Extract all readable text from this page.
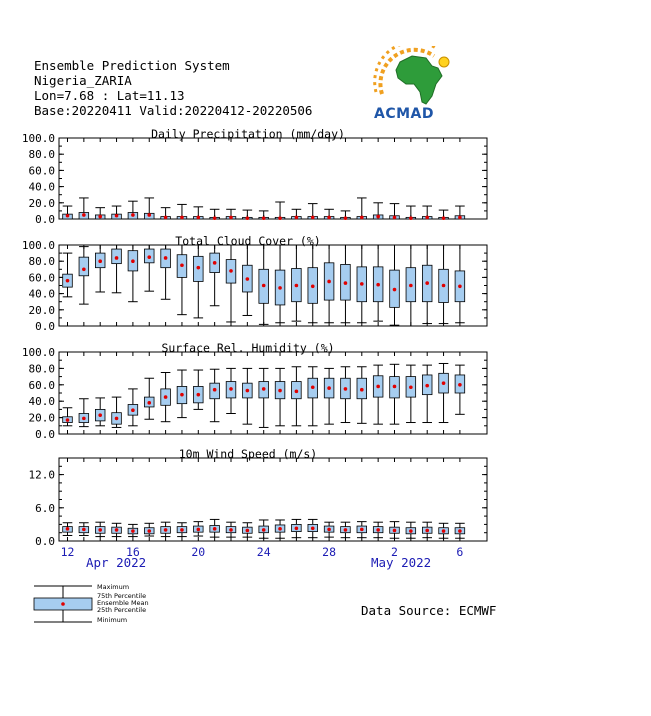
Ensemble Prediction System
Nigeria_ZARIA
Lon=7.68 : Lat=11.13
Base:20220411 Valid:20220412-20220506	ACMAD
Daily Precipitation (mm/day)
0.0
20.0
40.0
60.0
80.0
100.0
Total Cloud Cover (%)
0.0
20.0
40.0
60.0
80.0
100.0
Surface Rel. Humidity (%)
0.0
20.0
40.0
60.0
80.0
100.0
10m Wind Speed (m/s)
0.0
6.0
12.0
12	16	20	24	28	2	6
Apr 2022	May 2022
Maximum
75th Percentile
Ensemble Mean
25th Percentile
Minimum
Data Source: ECMWF
